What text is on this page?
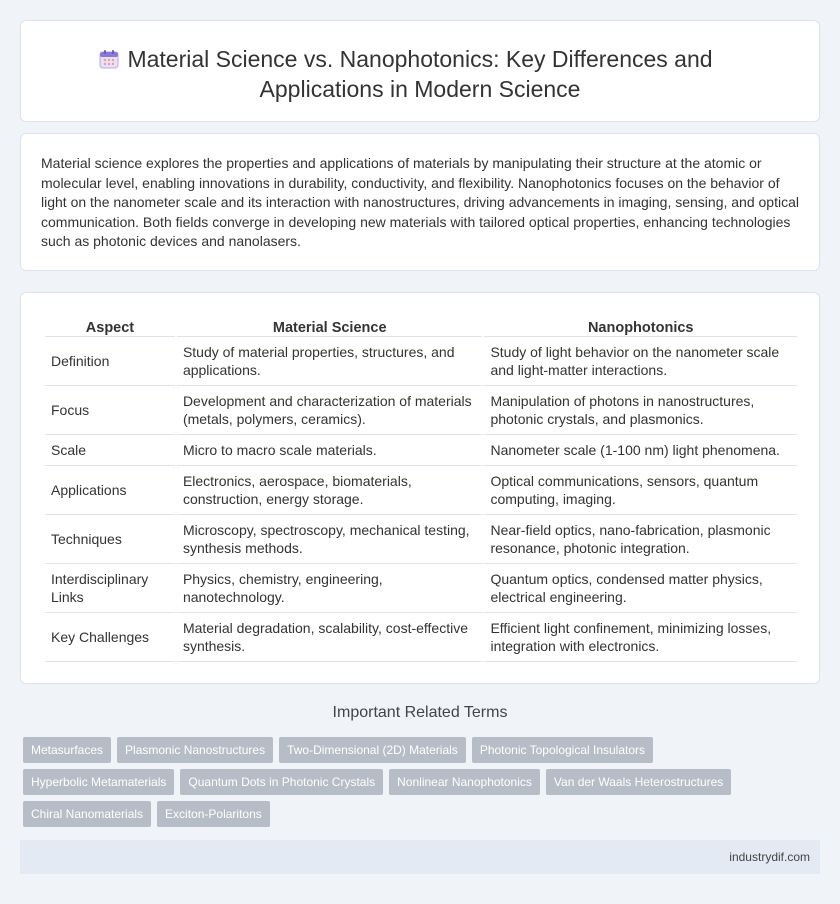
Material Science vs. Nanophotonics: Key Differences and Applications in Modern Science

Material science explores the properties and applications of materials by manipulating their structure at the atomic or molecular level, enabling innovations in durability, conductivity, and flexibility. Nanophotonics focuses on the behavior of light on the nanometer scale and its interaction with nanostructures, driving advancements in imaging, sensing, and optical communication. Both fields converge in developing new materials with tailored optical properties, enhancing technologies such as photonic devices and nanolasers.

Aspect	Material Science	Nanophotonics
Definition	Study of material properties, structures, and applications.	Study of light behavior on the nanometer scale and light-matter interactions.
Focus	Development and characterization of materials (metals, polymers, ceramics).	Manipulation of photons in nanostructures, photonic crystals, and plasmonics.
Scale	Micro to macro scale materials.	Nanometer scale (1-100 nm) light phenomena.
Applications	Electronics, aerospace, biomaterials, construction, energy storage.	Optical communications, sensors, quantum computing, imaging.
Techniques	Microscopy, spectroscopy, mechanical testing, synthesis methods.	Near-field optics, nano-fabrication, plasmonic resonance, photonic integration.
Interdisciplinary Links	Physics, chemistry, engineering, nanotechnology.	Quantum optics, condensed matter physics, electrical engineering.
Key Challenges	Material degradation, scalability, cost-effective synthesis.	Efficient light confinement, minimizing losses, integration with electronics.
Important Related Terms
Metasurfaces	Plasmonic Nanostructures	Two-Dimensional (2D) Materials	Photonic Topological Insulators
Hyperbolic Metamaterials	Quantum Dots in Photonic Crystals	Nonlinear Nanophotonics	Van der Waals Heterostructures
Chiral Nanomaterials	Exciton-Polaritons
industrydif.com
